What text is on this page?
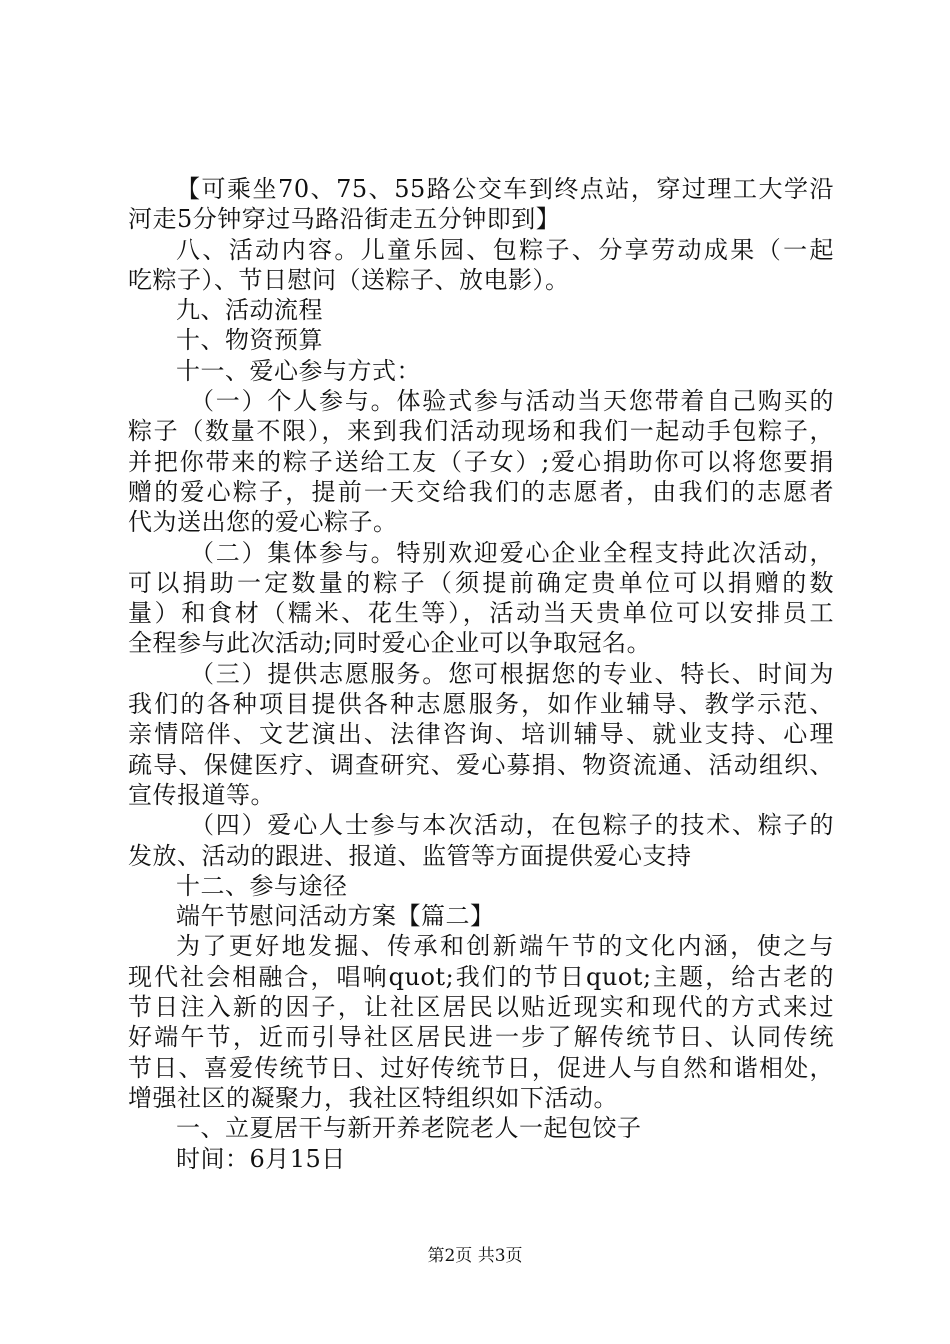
【可乘坐70、75、55路公交车到终点站，穿过理工大学沿
河走5分钟穿过马路沿街走五分钟即到】
八、活动内容。儿童乐园、包粽子、分享劳动成果（一起
吃粽子）、节日慰问（送粽子、放电影）。
九、活动流程
十、物资预算
十一、爱心参与方式：
（一）个人参与。体验式参与活动当天您带着自己购买的
粽子（数量不限），来到我们活动现场和我们一起动手包粽子，
并把你带来的粽子送给工友（子女）;爱心捐助你可以将您要捐
赠的爱心粽子，提前一天交给我们的志愿者，由我们的志愿者
代为送出您的爱心粽子。
（二）集体参与。特别欢迎爱心企业全程支持此次活动，
可以捐助一定数量的粽子（须提前确定贵单位可以捐赠的数
量）和食材（糯米、花生等），活动当天贵单位可以安排员工
全程参与此次活动;同时爱心企业可以争取冠名。
（三）提供志愿服务。您可根据您的专业、特长、时间为
我们的各种项目提供各种志愿服务，如作业辅导、教学示范、
亲情陪伴、文艺演出、法律咨询、培训辅导、就业支持、心理
疏导、保健医疗、调查研究、爱心募捐、物资流通、活动组织、
宣传报道等。
（四）爱心人士参与本次活动，在包粽子的技术、粽子的
发放、活动的跟进、报道、监管等方面提供爱心支持
十二、参与途径
端午节慰问活动方案【篇二】
为了更好地发掘、传承和创新端午节的文化内涵，使之与
现代社会相融合，唱响quot;我们的节日quot;主题，给古老的
节日注入新的因子，让社区居民以贴近现实和现代的方式来过
好端午节，近而引导社区居民进一步了解传统节日、认同传统
节日、喜爱传统节日、过好传统节日，促进人与自然和谐相处，
增强社区的凝聚力，我社区特组织如下活动。
一、立夏居干与新开养老院老人一起包饺子
时间：6月15日
第2页 共3页
